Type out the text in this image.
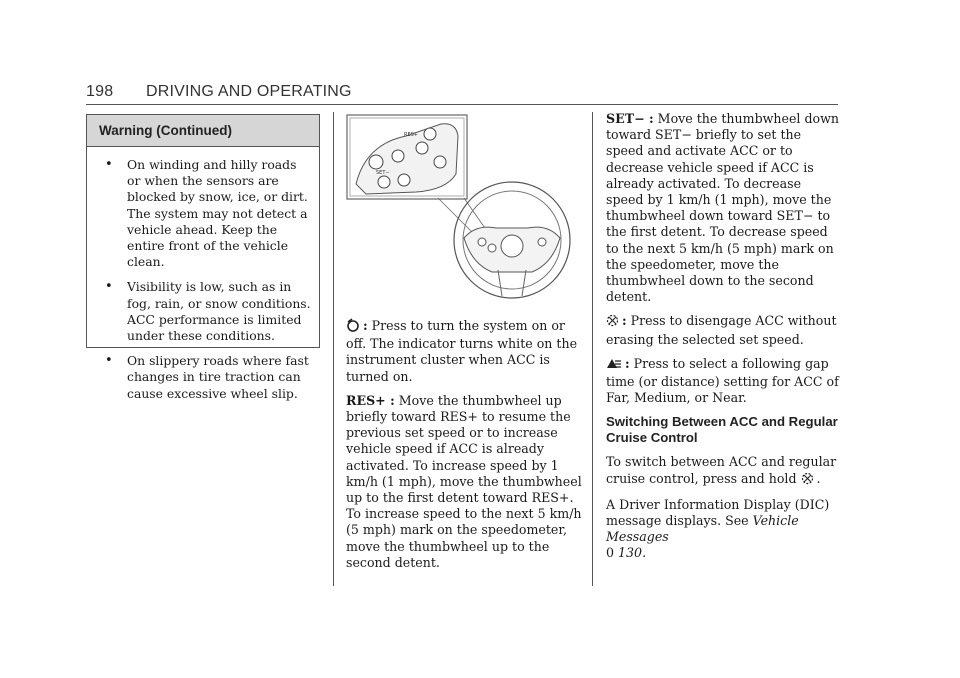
198 DRIVING AND OPERATING
Warning (Continued)
• On winding and hilly roads or when the sensors are blocked by snow, ice, or dirt. The system may not detect a vehicle ahead. Keep the entire front of the vehicle clean.
• Visibility is low, such as in fog, rain, or snow conditions. ACC performance is limited under these conditions.
• On slippery roads where fast changes in tire traction can cause excessive wheel slip.
RES+
SET−

: Press to turn the system on or off. The indicator turns white on the instrument cluster when ACC is turned on.

RES+ : Move the thumbwheel up briefly toward RES+ to resume the previous set speed or to increase vehicle speed if ACC is already activated. To increase speed by 1 km/h (1 mph), move the thumbwheel up to the first detent toward RES+. To increase speed to the next 5 km/h (5 mph) mark on the speedometer, move the thumbwheel up to the second detent.

SET− : Move the thumbwheel down toward SET− briefly to set the speed and activate ACC or to decrease vehicle speed if ACC is already activated. To decrease speed by 1 km/h (1 mph), move the thumbwheel down toward SET− to the first detent. To decrease speed to the next 5 km/h (5 mph) mark on the speedometer, move the thumbwheel down to the second detent.

: Press to disengage ACC without erasing the selected set speed.

: Press to select a following gap time (or distance) setting for ACC of Far, Medium, or Near.

Switching Between ACC and Regular Cruise Control

To switch between ACC and regular cruise control, press and hold .

A Driver Information Display (DIC) message displays. See Vehicle Messages
0 130.
